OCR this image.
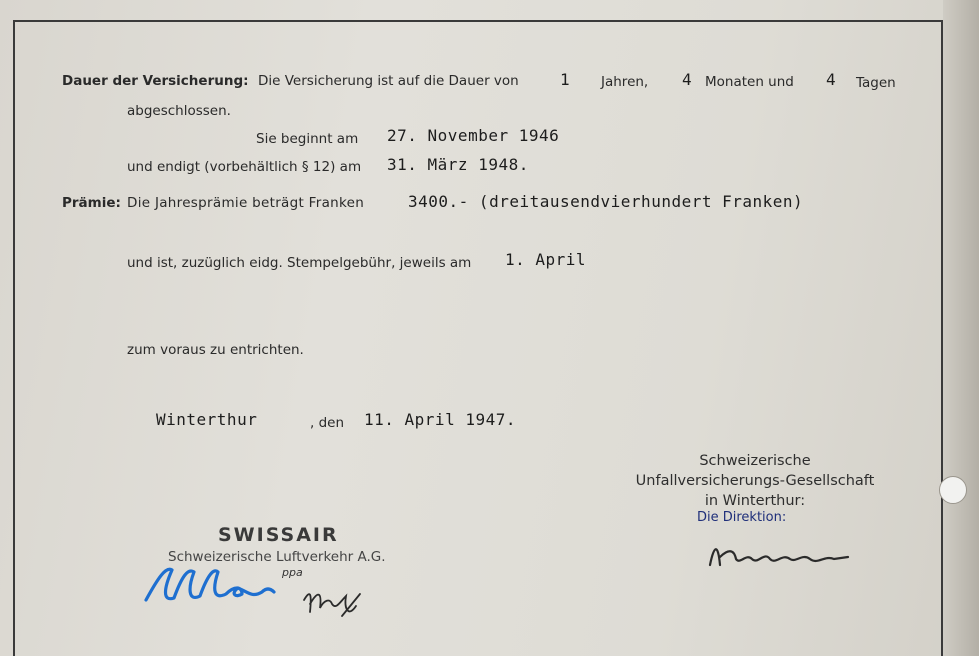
Dauer der Versicherung: Die Versicherung ist auf die Dauer von	1 Jahren, 4 Monaten und 4 Tagen
abgeschlossen.
Sie beginnt am 27. November 1946
und endigt (vorbehältlich § 12) am 31. März 1948.
Prämie: Die Jahresprämie beträgt Franken	3400.- (dreitausendvierhundert Franken)
und ist, zuzüglich eidg. Stempelgebühr, jeweils am 1. April
zum voraus zu entrichten.
Winterthur	, den 11. April 1947.
Schweizerische
Unfallversicherungs-Gesellschaft
in Winterthur:
Die Direktion:
SWISSAIR
Schweizerische Luftverkehr A.G.
ppa
